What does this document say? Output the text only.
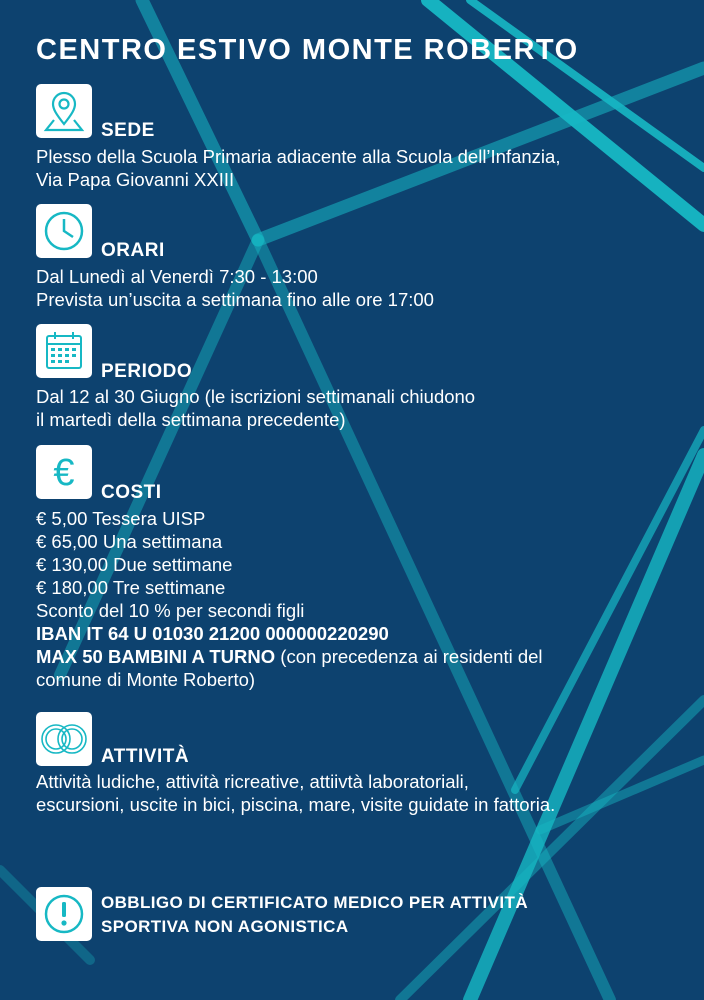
CENTRO ESTIVO MONTE ROBERTO
SEDE
Plesso della Scuola Primaria adiacente alla Scuola dell’Infanzia,
Via Papa Giovanni XXIII
ORARI
Dal Lunedì al Venerdì 7:30 - 13:00
Prevista un’uscita a settimana fino alle ore 17:00
PERIODO
Dal 12 al 30 Giugno (le iscrizioni settimanali chiudono
il martedì della settimana precedente)
€ COSTI
€ 5,00 Tessera UISP
€ 65,00 Una settimana
€ 130,00 Due settimane
€ 180,00 Tre settimane
Sconto del 10 % per secondi figli
IBAN IT 64 U 01030 21200 000000220290
MAX 50 BAMBINI A TURNO (con precedenza ai residenti del
comune di Monte Roberto)
ATTIVITÀ
Attività ludiche, attività ricreative, attiivtà laboratoriali,
escursioni, uscite in bici, piscina, mare, visite guidate in fattoria.
OBBLIGO DI CERTIFICATO MEDICO PER ATTIVITÀ
SPORTIVA NON AGONISTICA
